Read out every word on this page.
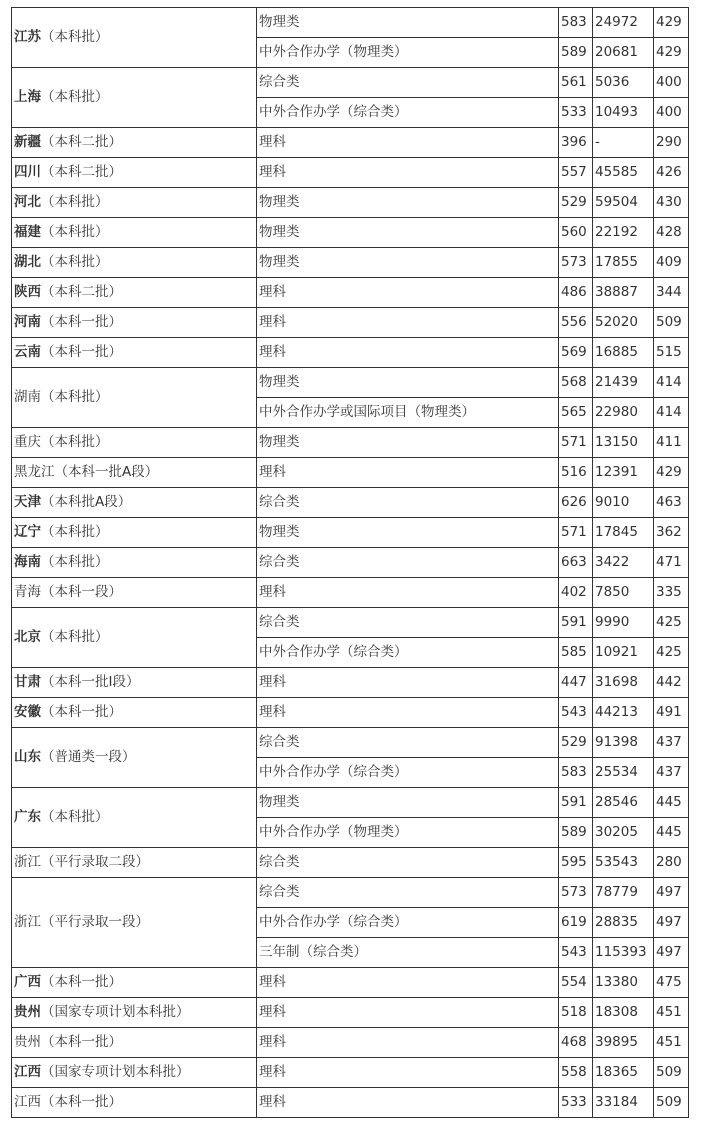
江苏（本科批）	物理类	583	24972	429
	中外合作办学（物理类）	589	20681	429
上海（本科批）	综合类	561	5036	400
	中外合作办学（综合类）	533	10493	400
新疆（本科二批）	理科	396	-	290
四川（本科二批）	理科	557	45585	426
河北（本科批）	物理类	529	59504	430
福建（本科批）	物理类	560	22192	428
湖北（本科批）	物理类	573	17855	409
陕西（本科二批）	理科	486	38887	344
河南（本科一批）	理科	556	52020	509
云南（本科一批）	理科	569	16885	515
湖南（本科批）	物理类	568	21439	414
	中外合作办学或国际项目（物理类）	565	22980	414
重庆（本科批）	物理类	571	13150	411
黑龙江（本科一批A段）	理科	516	12391	429
天津（本科批A段）	综合类	626	9010	463
辽宁（本科批）	物理类	571	17845	362
海南（本科批）	综合类	663	3422	471
青海（本科一段）	理科	402	7850	335
北京（本科批）	综合类	591	9990	425
	中外合作办学（综合类）	585	10921	425
甘肃（本科一批I段）	理科	447	31698	442
安徽（本科一批）	理科	543	44213	491
山东（普通类一段）	综合类	529	91398	437
	中外合作办学（综合类）	583	25534	437
广东（本科批）	物理类	591	28546	445
	中外合作办学（物理类）	589	30205	445
浙江（平行录取二段）	综合类	595	53543	280
浙江（平行录取一段）	综合类	573	78779	497
	中外合作办学（综合类）	619	28835	497
	三年制（综合类）	543	115393	497
广西（本科一批）	理科	554	13380	475
贵州（国家专项计划本科批）	理科	518	18308	451
贵州（本科一批）	理科	468	39895	451
江西（国家专项计划本科批）	理科	558	18365	509
江西（本科一批）	理科	533	33184	509
